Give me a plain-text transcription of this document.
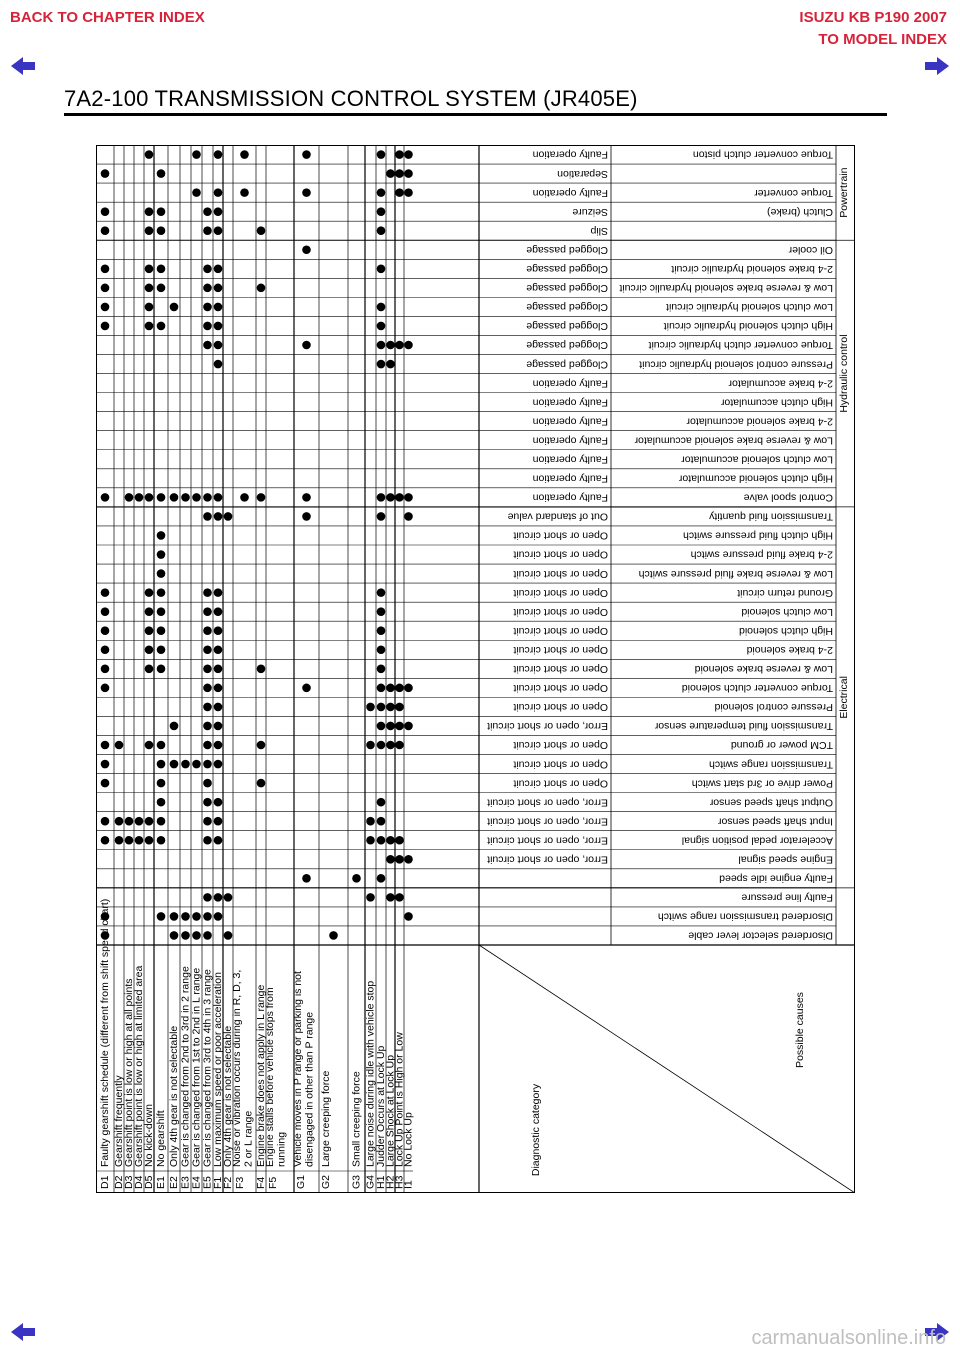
BACK TO CHAPTER INDEX	ISUZU KB P190 2007
TO MODEL INDEX
7A2-100 TRANSMISSION CONTROL SYSTEM (JR405E)
Powertrain
Hydraulic control
Electrical
Torque converter clutch piston
Faulty operation
Separation
Torque converter
Faulty operation
Clutch (brake)
Seizure
Slip
Oil cooler
Clogged passage
2-4 brake solenoid hydraulic circuit
Clogged passage
Low & reverse brake solenoid hydraulic circuit
Clogged passage
Low clutch solenoid hydraulic circuit
Clogged passage
High clutch solenoid hydraulic circuit
Clogged passage
Torque converter clutch hydraulic circuit
Clogged passage
Pressure control solenoid hydraulic circuit
Clogged passage
2-4 brake accumulator
Faulty operation
High clutch accumulator
Faulty operation
2-4 brake solenoid accumulator
Faulty operation
Low & reverse brake solenoid accumulator
Faulty operation
Low clutch solenoid accumulator
Faulty operation
High clutch solenoid accumulator
Faulty operation
Control spool valve
Faulty operation
Transmission fluid quantity
Out of standard value
High clutch fluid pressure switch
Open or short circuit
2-4 brake fluid pressure switch
Open or short circuit
Low & reverse brake fluid pressure switch
Open or short circuit
Ground return circuit
Open or short circuit
Low clutch solenoid
Open or short circuit
High clutch solenoid
Open or short circuit
2-4 brake solenoid
Open or short circuit
Low & reverse brake solenoid
Open or short circuit
Torque converter clutch solenoid
Open or short circuit
Pressure control solenoid
Open or short circuit
Transmission fluid temperature sensor
Error, open or short circuit
TCM power or ground
Open or short circuit
Transmission range switch
Open or short circuit
Power drive or 3rd start switch
Open or short circuit
Output shaft speed sensor
Error, open or short circuit
Input shaft speed sensor
Error, open or short circuit
Accelerator pedal position signal
Error, open or short circuit
Engine speed signal
Error, open or short circuit
Faulty engine idle speed
Faulty line pressure
Disordered transmission range switch
Disordered selector lever cable
D1
Faulty gearshift schedule (different from shift speed chart)
D2
Gearshift frequently
D3
Gearshift point is low or high at all points
D4
Gearshift point is low or high at limited area
D5
No kick-down
E1
No gearshift
E2
Only 4th gear is not selectable
E3
Gear is changed from 2nd to 3rd in 2 range
E4
Gear is changed from 1st to 2nd in L range
E5
Gear is changed from 3rd to 4th in 3 range
F1
Low maximum speed or poor acceleration
F2
Only 4th gear is not selectable
F3
Noise or vibration occurs during in R, D, 3,2 or L range
F4
Engine brake does not apply in L range
F5
Engine stalls before vehicle stops fromrunning
G1
Vehicle moves in P range or parking is notdisengaged in other than P range
G2
Large creeping force
G3
Small creeping force
G4
Large noise during idle with vehicle stop
H1
Judder Occurs at Lock Up
H2
Large Shock at Lock Up
H3
Lock Up Point is High or Low
I1
No Lock Up	Diagnostic category
Possible causes
carmanualsonline.info
